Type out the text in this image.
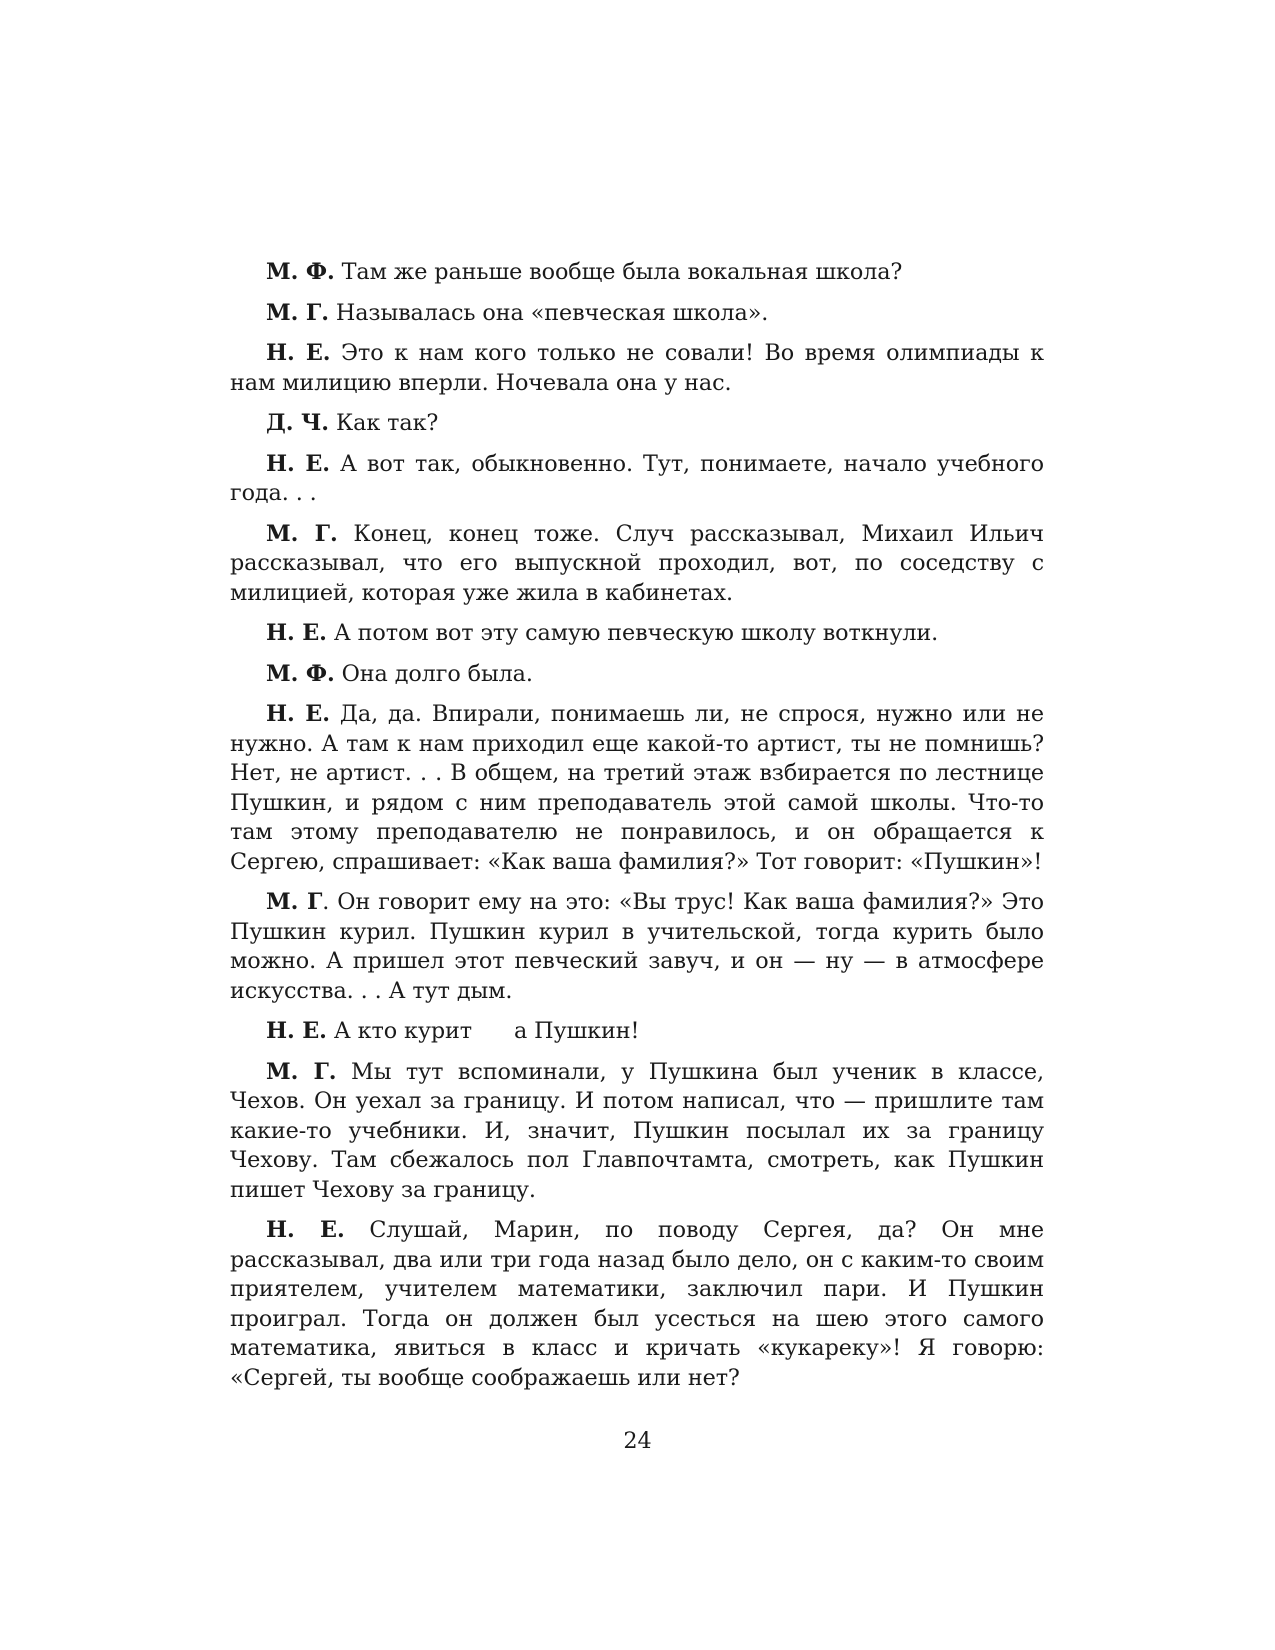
М. Ф. Там же раньше вообще была вокальная школа?

М. Г. Называлась она «певческая школа».

Н. Е. Это к нам кого только не совали! Во время олимпиады к нам милицию вперли. Ночевала она у нас.

Д. Ч. Как так?

Н. Е. А вот так, обыкновенно. Тут, понимаете, начало учебного года. . .

М. Г. Конец, конец тоже. Случ рассказывал, Михаил Ильич рассказывал, что его выпускной проходил, вот, по соседству с милицией, которая уже жила в кабинетах.

Н. Е. А потом вот эту самую певческую школу воткнули.

М. Ф. Она долго была.

Н. Е. Да, да. Впирали, понимаешь ли, не спрося, нужно или не нужно. А там к нам приходил еще какой-то артист, ты не помнишь? Нет, не артист. . . В общем, на третий этаж взбирается по лестнице Пушкин, и рядом с ним преподаватель этой самой школы. Что-то там этому преподавателю не понравилось, и он обращается к Сергею, спрашивает: «Как ваша фамилия?» Тот говорит: «Пушкин»!

М. Г. Он говорит ему на это: «Вы трус! Как ваша фамилия?» Это Пушкин курил. Пушкин курил в учительской, тогда курить было можно. А пришел этот певческий завуч, и он — ну — в атмосфере искусства. . . А тут дым.

Н. Е. А кто курит      а Пушкин!

М. Г. Мы тут вспоминали, у Пушкина был ученик в классе, Чехов. Он уехал за границу. И потом написал, что — пришлите там какие-то учебники. И, значит, Пушкин посылал их за границу Чехову. Там сбежалось пол Главпочтамта, смотреть, как Пушкин пишет Чехову за границу.

Н. Е. Слушай, Марин, по поводу Сергея, да? Он мне рассказывал, два или три года назад было дело, он с каким-то своим приятелем, учителем математики, заключил пари. И Пушкин проиграл. Тогда он должен был усесться на шею этого самого математика, явиться в класс и кричать «кукареку»! Я говорю: «Сергей, ты вообще соображаешь или нет?

24
